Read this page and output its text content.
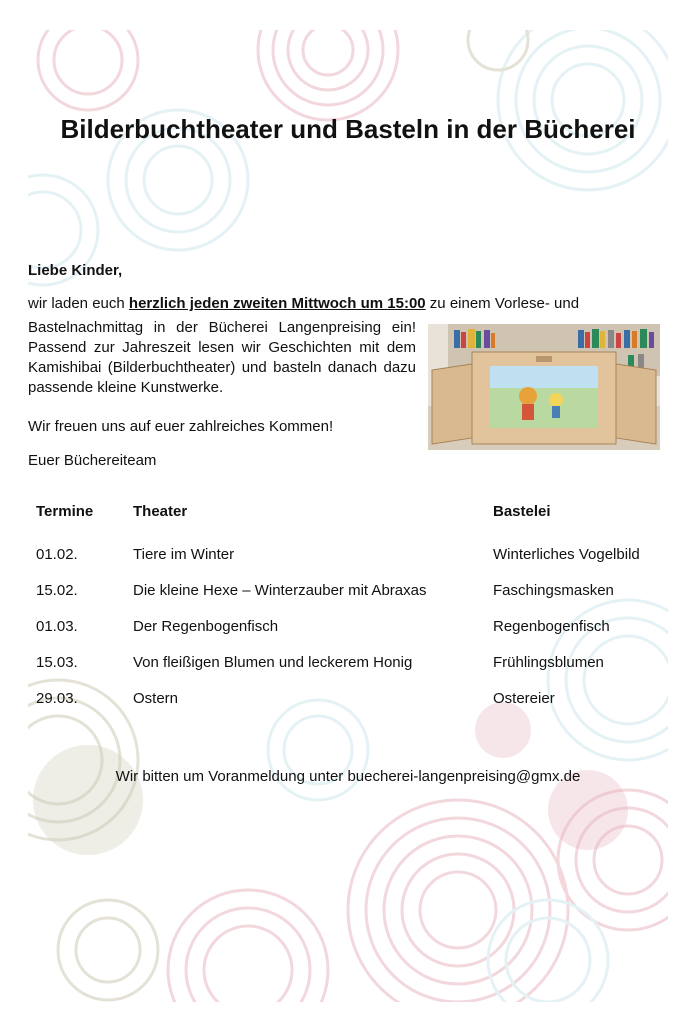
Bilderbuchtheater und Basteln in der Bücherei

Liebe Kinder,

wir laden euch herzlich jeden zweiten Mittwoch um 15:00 zu einem Vorlese- und

Bastelnachmittag in der Bücherei Langenpreising ein! Passend zur Jahreszeit lesen wir Geschichten mit dem Kamishibai (Bilderbuchtheater) und basteln danach dazu passende kleine Kunstwerke.

Wir freuen uns auf euer zahlreiches Kommen!

Euer Büchereiteam

Termine	Theater	Bastelei
01.02.	Tiere im Winter	Winterliches Vogelbild
15.02.	Die kleine Hexe – Winterzauber mit Abraxas	Faschingsmasken
01.03.	Der Regenbogenfisch	Regenbogenfisch
15.03.	Von fleißigen Blumen und leckerem Honig	Frühlingsblumen
29.03.	Ostern	Ostereier

Wir bitten um Voranmeldung unter buecherei-langenpreising@gmx.de
